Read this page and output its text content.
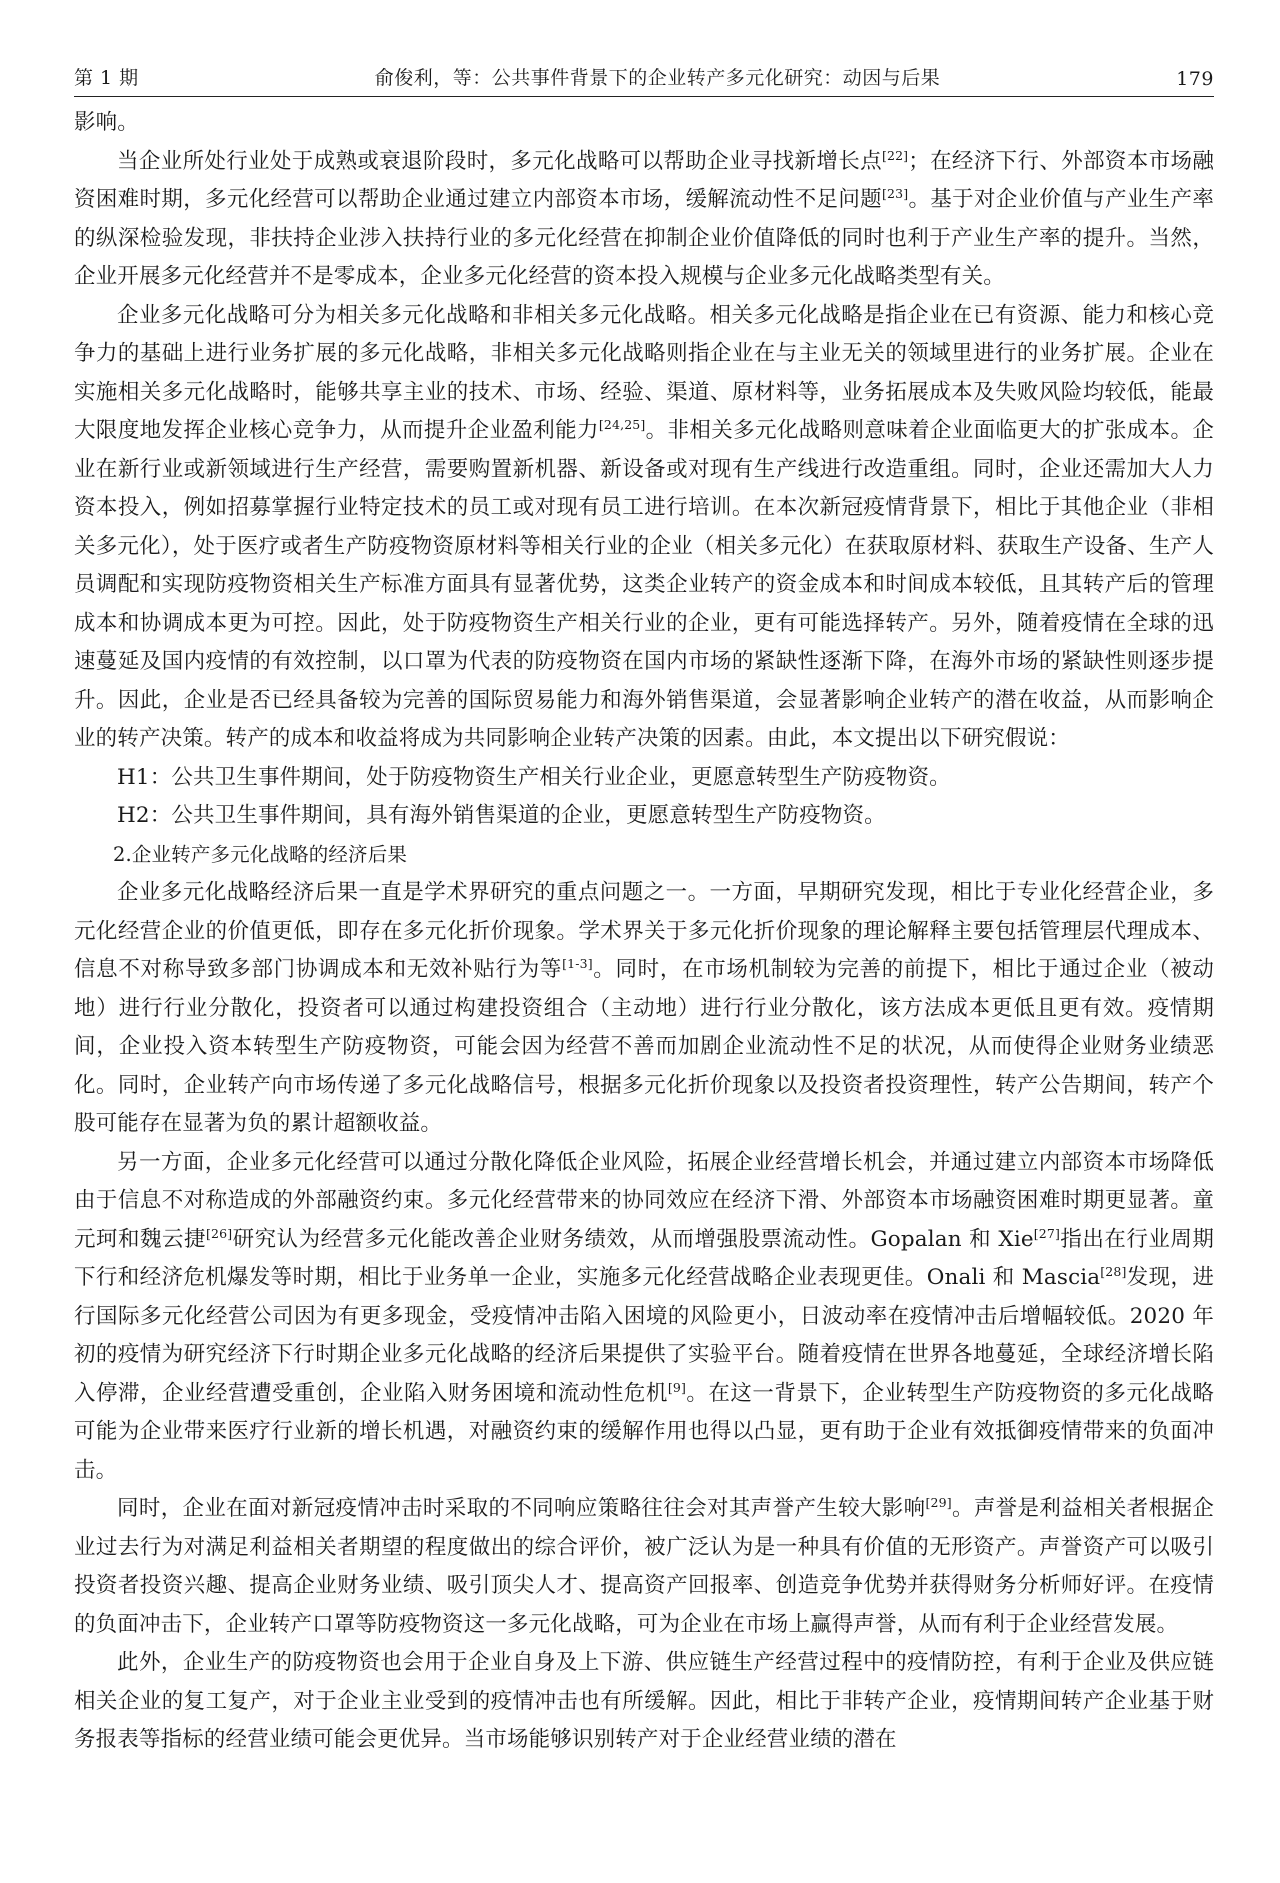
第 1 期	俞俊利，等：公共事件背景下的企业转产多元化研究：动因与后果	179

影响。

当企业所处行业处于成熟或衰退阶段时，多元化战略可以帮助企业寻找新增长点[22]；在经济下行、外部资本市场融资困难时期，多元化经营可以帮助企业通过建立内部资本市场，缓解流动性不足问题[23]。基于对企业价值与产业生产率的纵深检验发现，非扶持企业涉入扶持行业的多元化经营在抑制企业价值降低的同时也利于产业生产率的提升。当然，企业开展多元化经营并不是零成本，企业多元化经营的资本投入规模与企业多元化战略类型有关。

企业多元化战略可分为相关多元化战略和非相关多元化战略。相关多元化战略是指企业在已有资源、能力和核心竞争力的基础上进行业务扩展的多元化战略，非相关多元化战略则指企业在与主业无关的领域里进行的业务扩展。企业在实施相关多元化战略时，能够共享主业的技术、市场、经验、渠道、原材料等，业务拓展成本及失败风险均较低，能最大限度地发挥企业核心竞争力，从而提升企业盈利能力[24,25]。非相关多元化战略则意味着企业面临更大的扩张成本。企业在新行业或新领域进行生产经营，需要购置新机器、新设备或对现有生产线进行改造重组。同时，企业还需加大人力资本投入，例如招募掌握行业特定技术的员工或对现有员工进行培训。在本次新冠疫情背景下，相比于其他企业（非相关多元化），处于医疗或者生产防疫物资原材料等相关行业的企业（相关多元化）在获取原材料、获取生产设备、生产人员调配和实现防疫物资相关生产标准方面具有显著优势，这类企业转产的资金成本和时间成本较低，且其转产后的管理成本和协调成本更为可控。因此，处于防疫物资生产相关行业的企业，更有可能选择转产。另外，随着疫情在全球的迅速蔓延及国内疫情的有效控制，以口罩为代表的防疫物资在国内市场的紧缺性逐渐下降，在海外市场的紧缺性则逐步提升。因此，企业是否已经具备较为完善的国际贸易能力和海外销售渠道，会显著影响企业转产的潜在收益，从而影响企业的转产决策。转产的成本和收益将成为共同影响企业转产决策的因素。由此，本文提出以下研究假说：

H1：公共卫生事件期间，处于防疫物资生产相关行业企业，更愿意转型生产防疫物资。

H2：公共卫生事件期间，具有海外销售渠道的企业，更愿意转型生产防疫物资。

2.企业转产多元化战略的经济后果

企业多元化战略经济后果一直是学术界研究的重点问题之一。一方面，早期研究发现，相比于专业化经营企业，多元化经营企业的价值更低，即存在多元化折价现象。学术界关于多元化折价现象的理论解释主要包括管理层代理成本、信息不对称导致多部门协调成本和无效补贴行为等[1-3]。同时，在市场机制较为完善的前提下，相比于通过企业（被动地）进行行业分散化，投资者可以通过构建投资组合（主动地）进行行业分散化，该方法成本更低且更有效。疫情期间，企业投入资本转型生产防疫物资，可能会因为经营不善而加剧企业流动性不足的状况，从而使得企业财务业绩恶化。同时，企业转产向市场传递了多元化战略信号，根据多元化折价现象以及投资者投资理性，转产公告期间，转产个股可能存在显著为负的累计超额收益。

另一方面，企业多元化经营可以通过分散化降低企业风险，拓展企业经营增长机会，并通过建立内部资本市场降低由于信息不对称造成的外部融资约束。多元化经营带来的协同效应在经济下滑、外部资本市场融资困难时期更显著。童元珂和魏云捷[26]研究认为经营多元化能改善企业财务绩效，从而增强股票流动性。Gopalan 和 Xie[27]指出在行业周期下行和经济危机爆发等时期，相比于业务单一企业，实施多元化经营战略企业表现更佳。Onali 和 Mascia[28]发现，进行国际多元化经营公司因为有更多现金，受疫情冲击陷入困境的风险更小，日波动率在疫情冲击后增幅较低。2020 年初的疫情为研究经济下行时期企业多元化战略的经济后果提供了实验平台。随着疫情在世界各地蔓延，全球经济增长陷入停滞，企业经营遭受重创，企业陷入财务困境和流动性危机[9]。在这一背景下，企业转型生产防疫物资的多元化战略可能为企业带来医疗行业新的增长机遇，对融资约束的缓解作用也得以凸显，更有助于企业有效抵御疫情带来的负面冲击。

同时，企业在面对新冠疫情冲击时采取的不同响应策略往往会对其声誉产生较大影响[29]。声誉是利益相关者根据企业过去行为对满足利益相关者期望的程度做出的综合评价，被广泛认为是一种具有价值的无形资产。声誉资产可以吸引投资者投资兴趣、提高企业财务业绩、吸引顶尖人才、提高资产回报率、创造竞争优势并获得财务分析师好评。在疫情的负面冲击下，企业转产口罩等防疫物资这一多元化战略，可为企业在市场上赢得声誉，从而有利于企业经营发展。

此外，企业生产的防疫物资也会用于企业自身及上下游、供应链生产经营过程中的疫情防控，有利于企业及供应链相关企业的复工复产，对于企业主业受到的疫情冲击也有所缓解。因此，相比于非转产企业，疫情期间转产企业基于财务报表等指标的经营业绩可能会更优异。当市场能够识别转产对于企业经营业绩的潜在
